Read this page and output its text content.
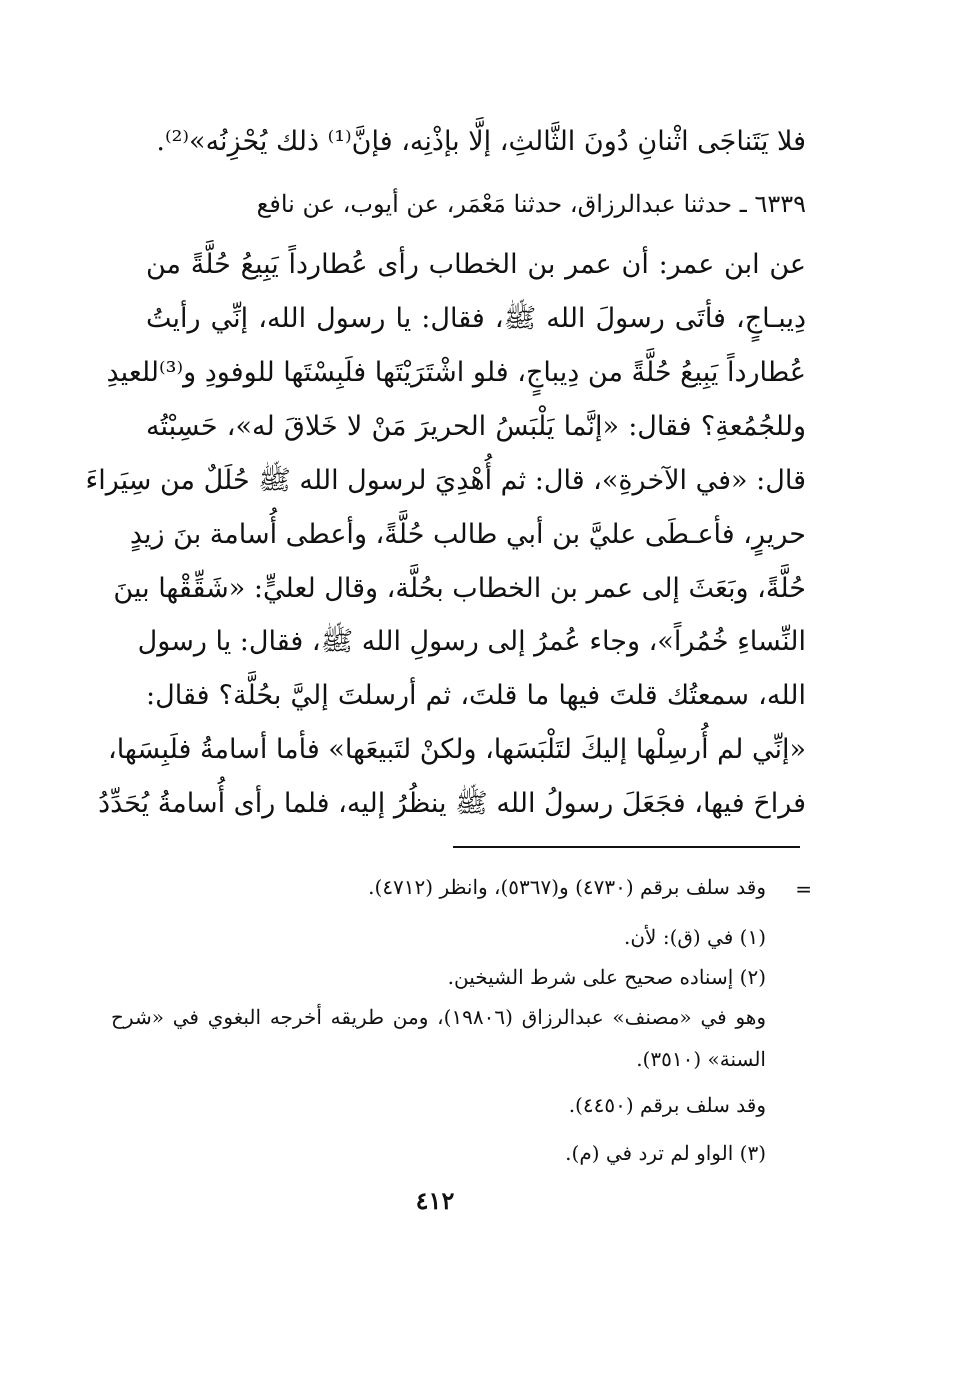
فلا يَتَناجَى اثْنانِ دُونَ الثَّالثِ، إلَّا بإذْنِه، فإنَّ⁽¹⁾ ذلك يُحْزِنُه»⁽²⁾.
٦٣٣٩ ـ حدثنا عبدالرزاق، حدثنا مَعْمَر، عن أيوب، عن نافع
عن ابن عمر: أن عمر بن الخطاب رأى عُطارداً يَبِيعُ حُلَّةً من
دِيبـاجٍ، فأتَى رسولَ الله ﷺ، فقال: يا رسول الله، إنِّي رأيتُ
عُطارداً يَبِيعُ حُلَّةً من دِيباجٍ، فلو اشْتَرَيْتَها فلَبِسْتَها للوفودِ و⁽³⁾للعيدِ
وللجُمُعةِ؟ فقال: «إنَّما يَلْبَسُ الحريرَ مَنْ لا خَلاقَ له»، حَسِبْتُه
قال: «في الآخرةِ»، قال: ثم أُهْدِيَ لرسول الله ﷺ حُلَلٌ من سِيَراءَ
حريرٍ، فأعـطَى عليَّ بن أبي طالب حُلَّةً، وأعطى أُسامة بنَ زيدٍ
حُلَّةً، وبَعَثَ إلى عمر بن الخطاب بحُلَّة، وقال لعليٍّ: «شَقِّقْها بينَ
النِّساءِ خُمُراً»، وجاء عُمرُ إلى رسولِ الله ﷺ، فقال: يا رسول
الله، سمعتُك قلتَ فيها ما قلتَ، ثم أرسلتَ إليَّ بحُلَّة؟ فقال:
«إنِّي لم أُرسِلْها إليكَ لتَلْبَسَها، ولكنْ لتَبيعَها» فأما أسامةُ فلَبِسَها،
فراحَ فيها، فجَعَلَ رسولُ الله ﷺ ينظُرُ إليه، فلما رأى أُسامةُ يُحَدِّدُ
=
وقد سلف برقم (٤٧٣٠) و(٥٣٦٧)، وانظر (٤٧١٢).
(١) في (ق): لأن.
(٢) إسناده صحيح على شرط الشيخين.
وهو في «مصنف» عبدالرزاق (١٩٨٠٦)، ومن طريقه أخرجه البغوي في «شرح
السنة» (٣٥١٠).
وقد سلف برقم (٤٤٥٠).
(٣) الواو لم ترد في (م).
٤١٢
